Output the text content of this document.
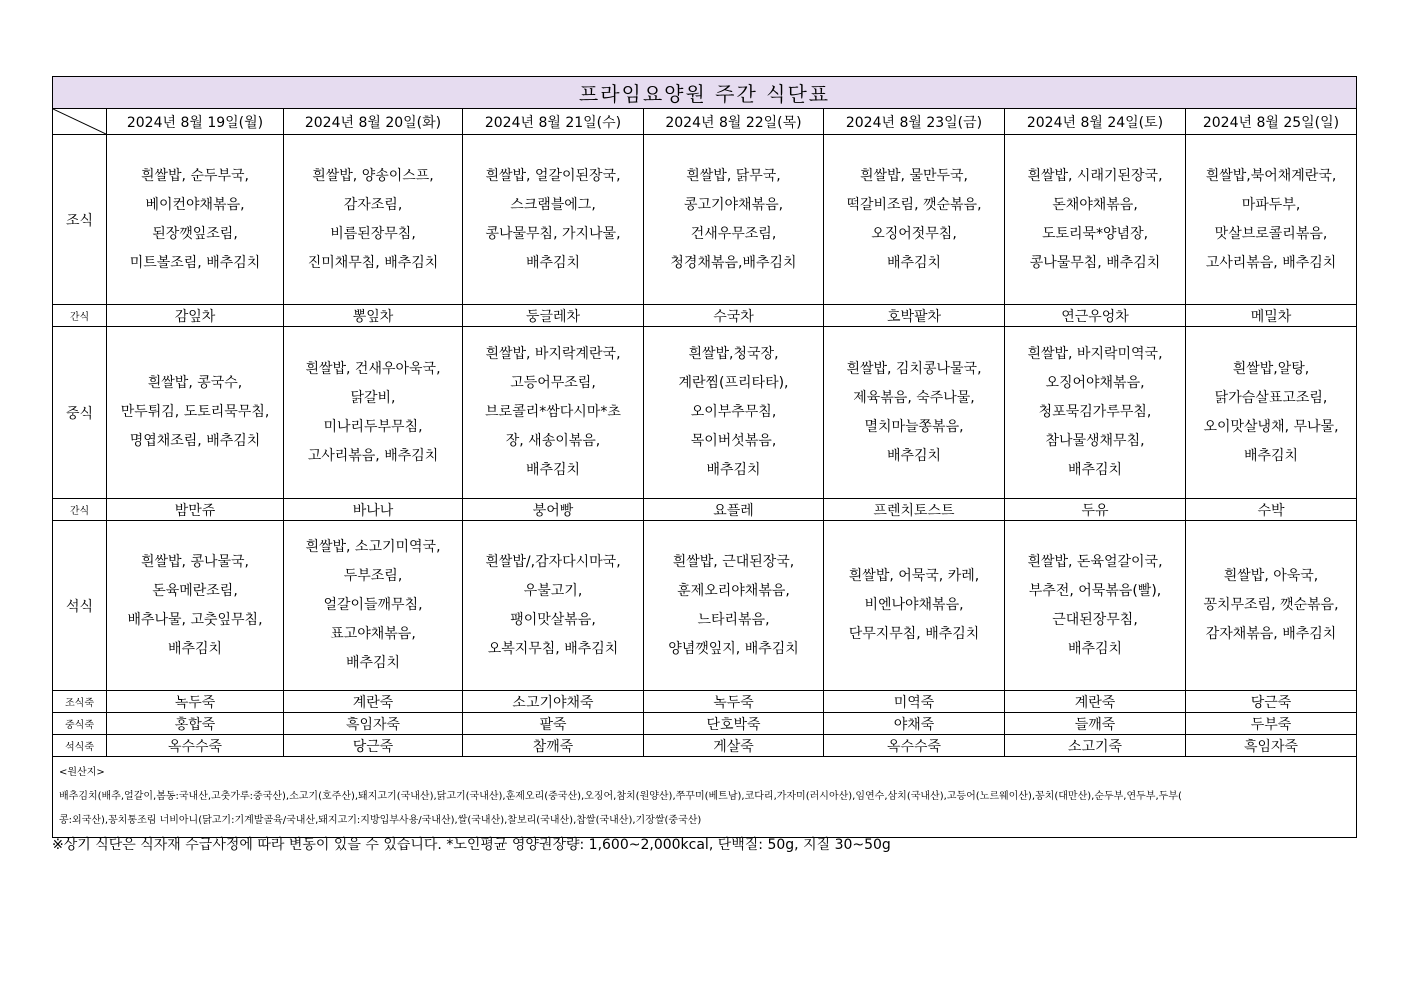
프라임요양원 주간 식단표							

	2024년 8월 19일(월)	2024년 8월 20일(화)	2024년 8월 21일(수)	2024년 8월 22일(목)	2024년 8월 23일(금)	2024년 8월 24일(토)	2024년 8월 25일(일)
조식	흰쌀밥, 순두부국,
베이컨야채볶음,
된장깻잎조림,
미트볼조림, 배추김치	흰쌀밥, 양송이스프,
감자조림,
비름된장무침,
진미채무침, 배추김치	흰쌀밥, 얼갈이된장국,
스크램블에그,
콩나물무침, 가지나물,
배추김치	흰쌀밥, 닭무국,
콩고기야채볶음,
건새우무조림,
청경채볶음,배추김치	흰쌀밥, 물만두국,
떡갈비조림, 깻순볶음,
오징어젓무침,
배추김치	흰쌀밥, 시래기된장국,
돈채야채볶음,
도토리묵*양념장,
콩나물무침, 배추김치	흰쌀밥,북어채계란국,
마파두부,
맛살브로콜리볶음,
고사리볶음, 배추김치

간식	감잎차	뽕잎차	둥글레차	수국차	호박팥차	연근우엉차	메밀차
중식	흰쌀밥, 콩국수,
만두튀김, 도토리묵무침,
명엽채조림, 배추김치	흰쌀밥, 건새우아욱국,
닭갈비,
미나리두부무침,
고사리볶음, 배추김치	흰쌀밥, 바지락계란국,
고등어무조림,
브로콜리*쌈다시마*초
장, 새송이볶음,
배추김치	흰쌀밥,청국장,
계란찜(프리타타),
오이부추무침,
목이버섯볶음,
배추김치	흰쌀밥, 김치콩나물국,
제육볶음, 숙주나물,
멸치마늘쫑볶음,
배추김치	흰쌀밥, 바지락미역국,
오징어야채볶음,
청포묵김가루무침,
참나물생채무침,
배추김치	흰쌀밥,알탕,
닭가슴살표고조림,
오이맛살냉채, 무나물,
배추김치

간식	밤만쥬	바나나	붕어빵	요플레	프렌치토스트	두유	수박
석식	흰쌀밥, 콩나물국,
돈육메란조림,
배추나물, 고춧잎무침,
배추김치	흰쌀밥, 소고기미역국,
두부조림,
얼갈이들깨무침,
표고야채볶음,
배추김치	흰쌀밥/,감자다시마국,
우불고기,
팽이맛살볶음,
오복지무침, 배추김치	흰쌀밥, 근대된장국,
훈제오리야채볶음,
느타리볶음,
양념깻잎지, 배추김치	흰쌀밥, 어묵국, 카레,
비엔나야채볶음,
단무지무침, 배추김치	흰쌀밥, 돈육얼갈이국,
부추전, 어묵볶음(빨),
근대된장무침,
배추김치	흰쌀밥, 아욱국,
꽁치무조림, 깻순볶음,
감자채볶음, 배추김치

조식죽	녹두죽	계란죽	소고기야채죽	녹두죽	미역죽	계란죽	당근죽
중식죽	홍합죽	흑임자죽	팥죽	단호박죽	야채죽	들깨죽	두부죽
석식죽	옥수수죽	당근죽	참깨죽	게살죽	옥수수죽	소고기죽	흑임자죽

<원산지>
배추김치(배추,얼갈이,봄동:국내산,고춧가루:중국산),소고기(호주산),돼지고기(국내산),닭고기(국내산),훈제오리(중국산),오징어,참치(원양산),쭈꾸미(베트남),코다리,가자미(러시아산),임연수,삼치(국내산),고등어(노르웨이산),꽁치(대만산),순두부,연두부,두부(
콩:외국산),꽁치통조림 너비아니(닭고기:기계발골육/국내산,돼지고기:지방입부사용/국내산),쌀(국내산),찰보리(국내산),찹쌀(국내산),기장쌀(중국산)							
※상기 식단은 식자재 수급사정에 따라 변동이 있을 수 있습니다. *노인평균 영양권장량: 1,600~2,000kcal, 단백질: 50g, 지질 30~50g
